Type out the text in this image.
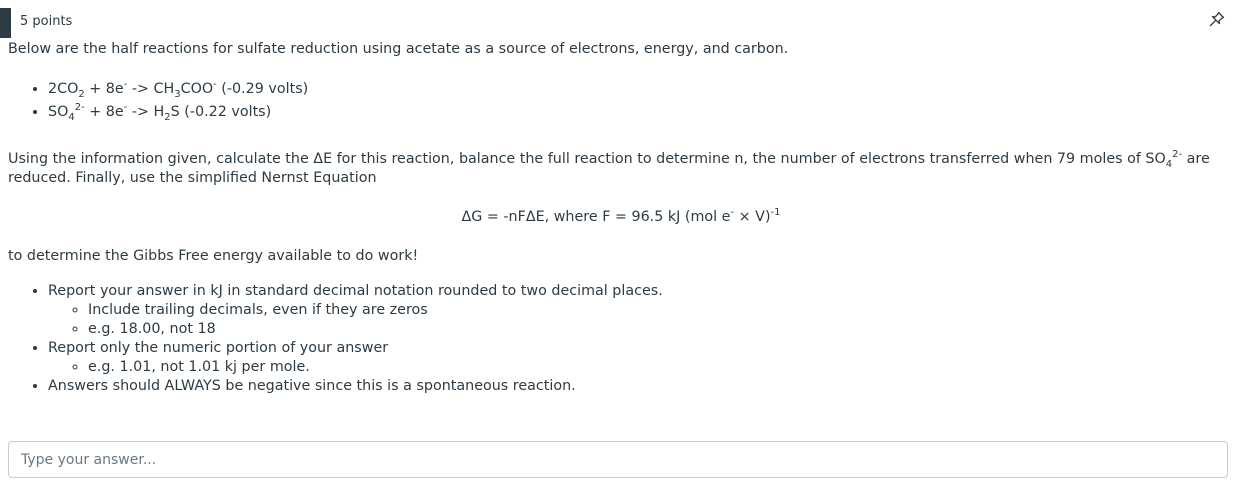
5 points

Below are the half reactions for sulfate reduction using acetate as a source of electrons, energy, and carbon.

• $2CO_2 + 8e^- -> CH_3COO^-$ (-0.29 volts)
• $SO_4^{2-} + 8e^- -> H_2S$ (-0.22 volts)

Using the information given, calculate the ΔE for this reaction, balance the full reaction to determine n, the number of electrons transferred when 79 moles of $SO_4^{2-}$ are reduced. Finally, use the simplified Nernst Equation

ΔG = -nFΔE, where F = 96.5 kJ (mol e- × V)$^{-1}$

to determine the Gibbs Free energy available to do work!

• Report your answer in kJ in standard decimal notation rounded to two decimal places.
◦ Include trailing decimals, even if they are zeros
◦ e.g. 18.00, not 18
• Report only the numeric portion of your answer
◦ e.g. 1.01, not 1.01 kj per mole.
• Answers should ALWAYS be negative since this is a spontaneous reaction.
Type your answer...
